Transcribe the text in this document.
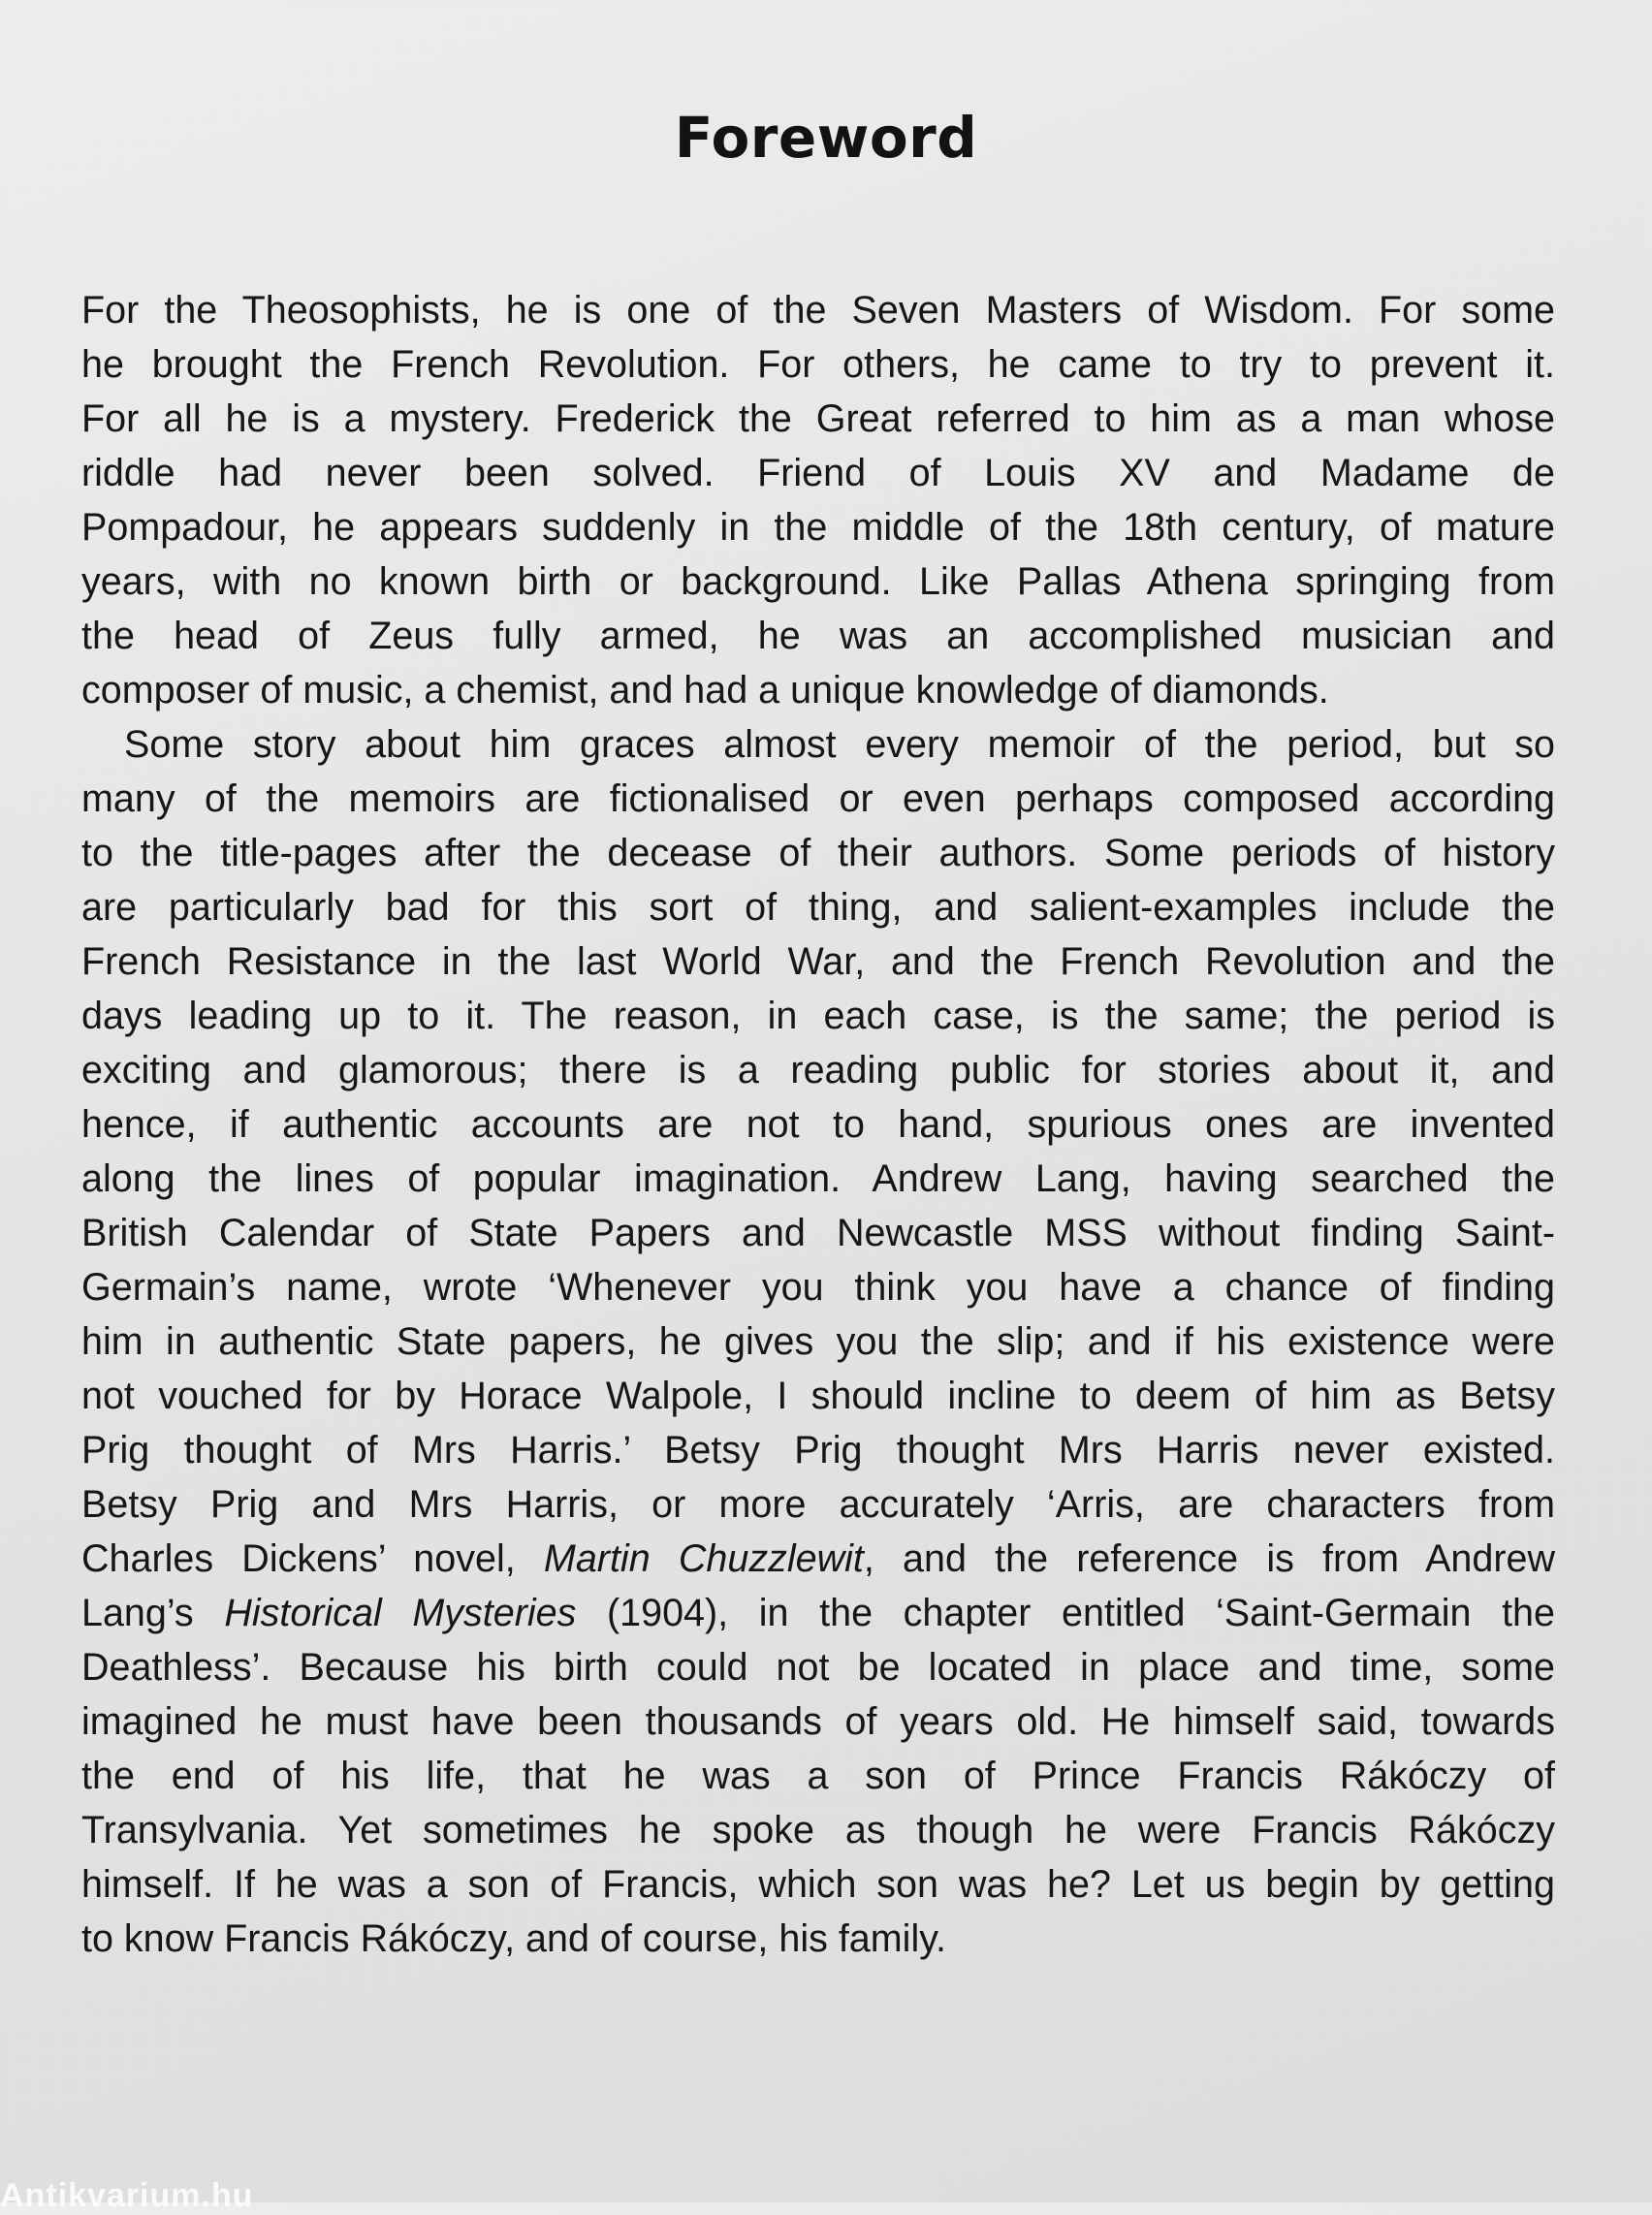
Foreword
For the Theosophists, he is one of the Seven Masters of Wisdom. For some
he brought the French Revolution. For others, he came to try to prevent it.
For all he is a mystery. Frederick the Great referred to him as a man whose
riddle had never been solved. Friend of Louis XV and Madame de
Pompadour, he appears suddenly in the middle of the 18th century, of mature
years, with no known birth or background. Like Pallas Athena springing from
the head of Zeus fully armed, he was an accomplished musician and
composer of music, a chemist, and had a unique knowledge of diamonds.
Some story about him graces almost every memoir of the period, but so
many of the memoirs are fictionalised or even perhaps composed according
to the title-pages after the decease of their authors. Some periods of history
are particularly bad for this sort of thing, and salient-examples include the
French Resistance in the last World War, and the French Revolution and the
days leading up to it. The reason, in each case, is the same; the period is
exciting and glamorous; there is a reading public for stories about it, and
hence, if authentic accounts are not to hand, spurious ones are invented
along the lines of popular imagination. Andrew Lang, having searched the
British Calendar of State Papers and Newcastle MSS without finding Saint-
Germain’s name, wrote ‘Whenever you think you have a chance of finding
him in authentic State papers, he gives you the slip; and if his existence were
not vouched for by Horace Walpole, I should incline to deem of him as Betsy
Prig thought of Mrs Harris.’ Betsy Prig thought Mrs Harris never existed.
Betsy Prig and Mrs Harris, or more accurately ‘Arris, are characters from
Charles Dickens’ novel, Martin Chuzzlewit, and the reference is from Andrew
Lang’s Historical Mysteries (1904), in the chapter entitled ‘Saint-Germain the
Deathless’. Because his birth could not be located in place and time, some
imagined he must have been thousands of years old. He himself said, towards
the end of his life, that he was a son of Prince Francis Rákóczy of
Transylvania. Yet sometimes he spoke as though he were Francis Rákóczy
himself. If he was a son of Francis, which son was he? Let us begin by getting
to know Francis Rákóczy, and of course, his family.
Antikvarium.hu
